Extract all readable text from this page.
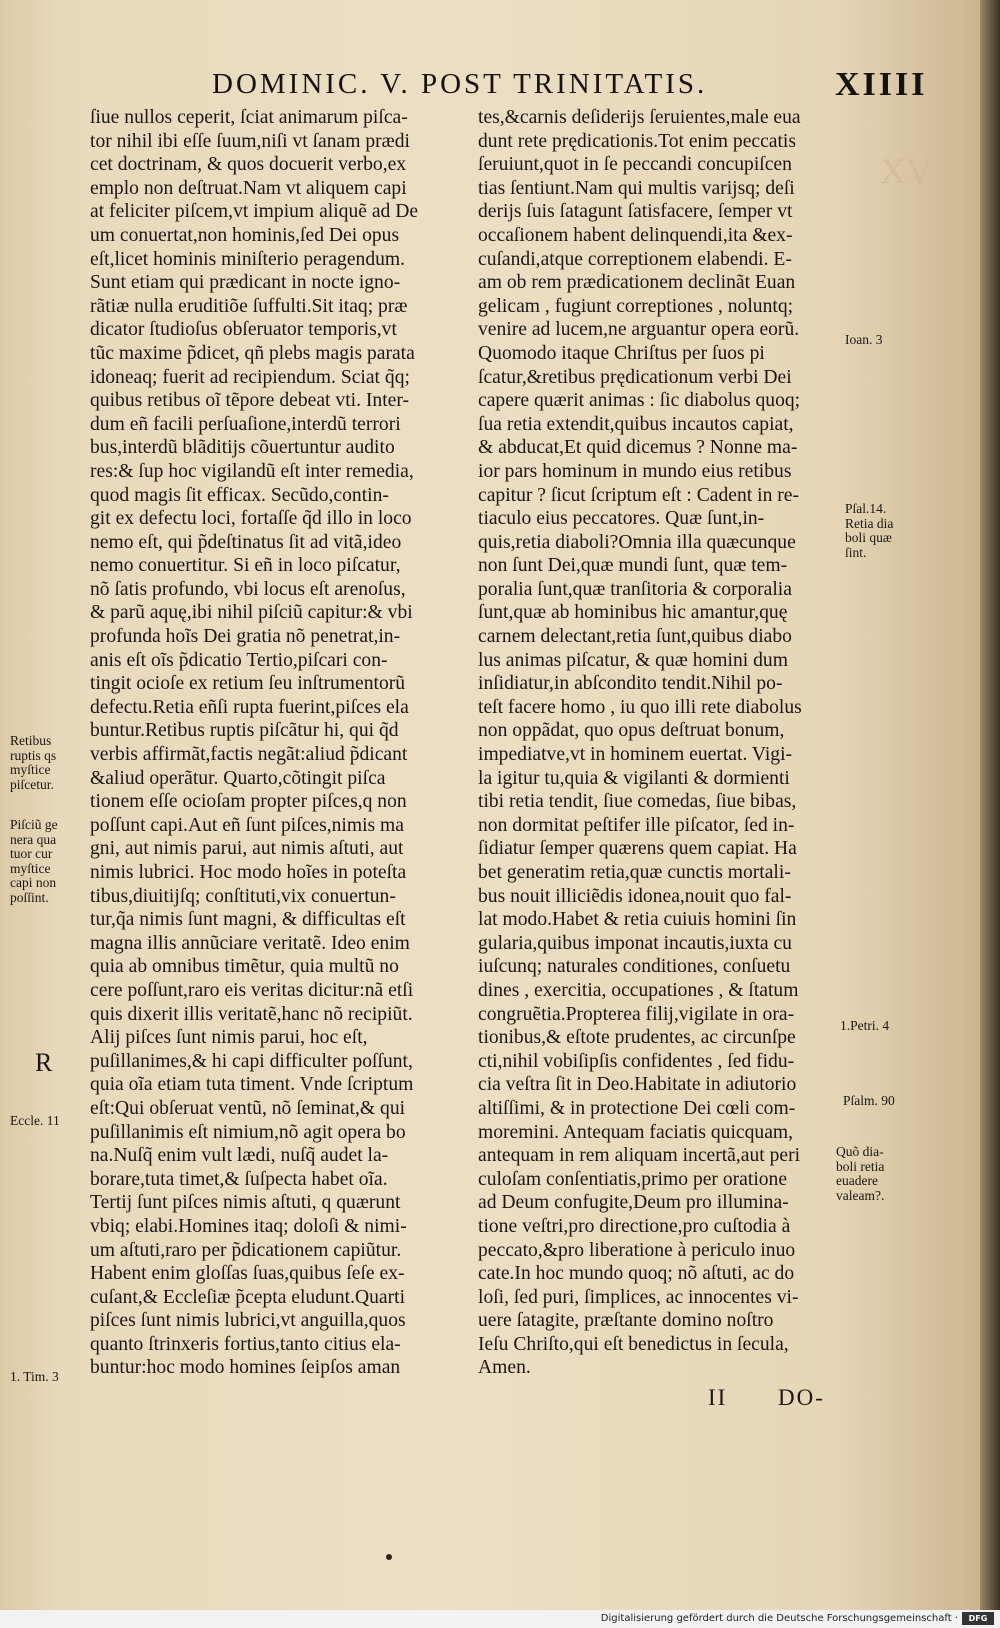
DOMINIC. V. POST TRINITATIS.	XIIII
ſiue nullos ceperit, ſciat animarum piſca-
tor nihil ibi eſſe ſuum,niſi vt ſanam prædi
cet doctrinam, & quos docuerit verbo,ex
emplo non deſtruat.Nam vt aliquem capi
at feliciter piſcem,vt impium aliquẽ ad De
um conuertat,non hominis,ſed Dei opus
eſt,licet hominis miniſterio peragendum.
Sunt etiam qui prædicant in nocte igno-
rãtiæ nulla eruditiõe ſuffulti.Sit itaq; præ
dicator ſtudioſus obſeruator temporis,vt
tũc maxime p̃dicet, qñ plebs magis parata
idoneaq; fuerit ad recipiendum. Sciat q̃q;
quibus retibus oĩ tẽpore debeat vti. Inter-
dum eñ facili perſuaſione,interdũ terrori
bus,interdũ blãditijs cõuertuntur audito
res:& ſup hoc vigilandũ eſt inter remedia,
quod magis ſit efficax. Secũdo,contin-
git ex defectu loci, fortaſſe q̃d illo in loco
nemo eſt, qui p̃deſtinatus ſit ad vitã,ideo
nemo conuertitur. Si eñ in loco piſcatur,
nõ ſatis profundo, vbi locus eſt arenoſus,
& parũ aquę,ibi nihil piſciũ capitur:& vbi
profunda hoĩs Dei gratia nõ penetrat,in-
anis eſt oĩs p̃dicatio Tertio,piſcari con-
tingit ocioſe ex retium ſeu inſtrumentorũ
defectu.Retia eñſi rupta fuerint,piſces ela
buntur.Retibus ruptis piſcãtur hi, qui q̃d
verbis affirmãt,factis negãt:aliud p̃dicant
&aliud operãtur. Quarto,cõtingit piſca
tionem eſſe ocioſam propter piſces,q non
poſſunt capi.Aut eñ ſunt piſces,nimis ma
gni, aut nimis parui, aut nimis aſtuti, aut
nimis lubrici. Hoc modo hoĩes in poteſta
tibus,diuitijſq; conſtituti,vix conuertun-
tur,q̃a nimis ſunt magni, & difficultas eſt
magna illis annũciare veritatẽ. Ideo enim
quia ab omnibus timẽtur, quia multũ no
cere poſſunt,raro eis veritas dicitur:nã etſi
quis dixerit illis veritatẽ,hanc nõ recipiũt.
Alij piſces ſunt nimis parui, hoc eſt,
puſillanimes,& hi capi difficulter poſſunt,
quia oĩa etiam tuta timent. Vnde ſcriptum
eſt:Qui obſeruat ventũ, nõ ſeminat,& qui
puſillanimis eſt nimium,nõ agit opera bo
na.Nuſq̃ enim vult lædi, nuſq̃ audet la-
borare,tuta timet,& ſuſpecta habet oĩa.
Tertij ſunt piſces nimis aſtuti, q quærunt
vbiq; elabi.Homines itaq; doloſi & nimi-
um aſtuti,raro per p̃dicationem capiũtur.
Habent enim gloſſas ſuas,quibus ſeſe ex-
cuſant,& Eccleſiæ p̃cepta eludunt.Quarti
piſces ſunt nimis lubrici,vt anguilla,quos
quanto ſtrinxeris fortius,tanto citius ela-
buntur:hoc modo homines ſeipſos aman
tes,&carnis deſiderijs ſeruientes,male eua
dunt rete prędicationis.Tot enim peccatis
ſeruiunt,quot in ſe peccandi concupiſcen
tias ſentiunt.Nam qui multis varijsq; deſi
derijs ſuis ſatagunt ſatisfacere, ſemper vt
occaſionem habent delinquendi,ita &ex-
cuſandi,atque correptionem elabendi. E-
am ob rem prædicationem declinãt Euan
gelicam , fugiunt correptiones , noluntq;
venire ad lucem,ne arguantur opera eorũ.
Quomodo itaque Chriſtus per ſuos pi
ſcatur,&retibus prędicationum verbi Dei
capere quærit animas : ſic diabolus quoq;
ſua retia extendit,quibus incautos capiat,
& abducat,Et quid dicemus ? Nonne ma-
ior pars hominum in mundo eius retibus
capitur ? ſicut ſcriptum eſt : Cadent in re-
tiaculo eius peccatores. Quæ ſunt,in-
quis,retia diaboli?Omnia illa quæcunque
non ſunt Dei,quæ mundi ſunt, quæ tem-
poralia ſunt,quæ tranſitoria & corporalia
ſunt,quæ ab hominibus hic amantur,quę
carnem delectant,retia ſunt,quibus diabo
lus animas piſcatur, & quæ homini dum
inſidiatur,in abſcondito tendit.Nihil po-
teſt facere homo , iu quo illi rete diabolus
non oppãdat, quo opus deſtruat bonum,
impediatve,vt in hominem euertat. Vigi-
la igitur tu,quia & vigilanti & dormienti
tibi retia tendit, ſiue comedas, ſiue bibas,
non dormitat peſtifer ille piſcator, ſed in-
ſidiatur ſemper quærens quem capiat. Ha
bet generatim retia,quæ cunctis mortali-
bus nouit illiciẽdis idonea,nouit quo fal-
lat modo.Habet & retia cuiuis homini ſin
gularia,quibus imponat incautis,iuxta cu
iuſcunq; naturales conditiones, conſuetu
dines , exercitia, occupationes , & ſtatum
congruẽtia.Propterea filij,vigilate in ora-
tionibus,& eſtote prudentes, ac circunſpe
cti,nihil vobiſipſis confidentes , ſed fidu-
cia veſtra ſit in Deo.Habitate in adiutorio
altiſſimi, & in protectione Dei cœli com-
moremini. Antequam faciatis quicquam,
antequam in rem aliquam incertã,aut peri
culoſam conſentiatis,primo per oratione
ad Deum confugite,Deum pro illumina-
tione veſtri,pro directione,pro cuſtodia à
peccato,&pro liberatione à periculo inuo
cate.In hoc mundo quoq; nõ aſtuti, ac do
loſi, ſed puri, ſimplices, ac innocentes vi-
uere ſatagite, præſtante domino noſtro
Ieſu Chriſto,qui eſt benedictus in ſecula,
Amen.
Retibus
ruptis qs
myſtice
piſcetur.
Piſciũ ge
nera qua
tuor cur
myſtice
capi non
poſſint.
R
Eccle. 11
1. Tim. 3
Ioan. 3
Pſal.14.
Retia dia
boli quæ
ſint.
1.Petri. 4
Pſalm. 90
Quõ dia-
boli retia
euadere
valeam?.
II DO-
XV
Digitalisierung gefördert durch die Deutsche Forschungsgemeinschaft ·	DFG
